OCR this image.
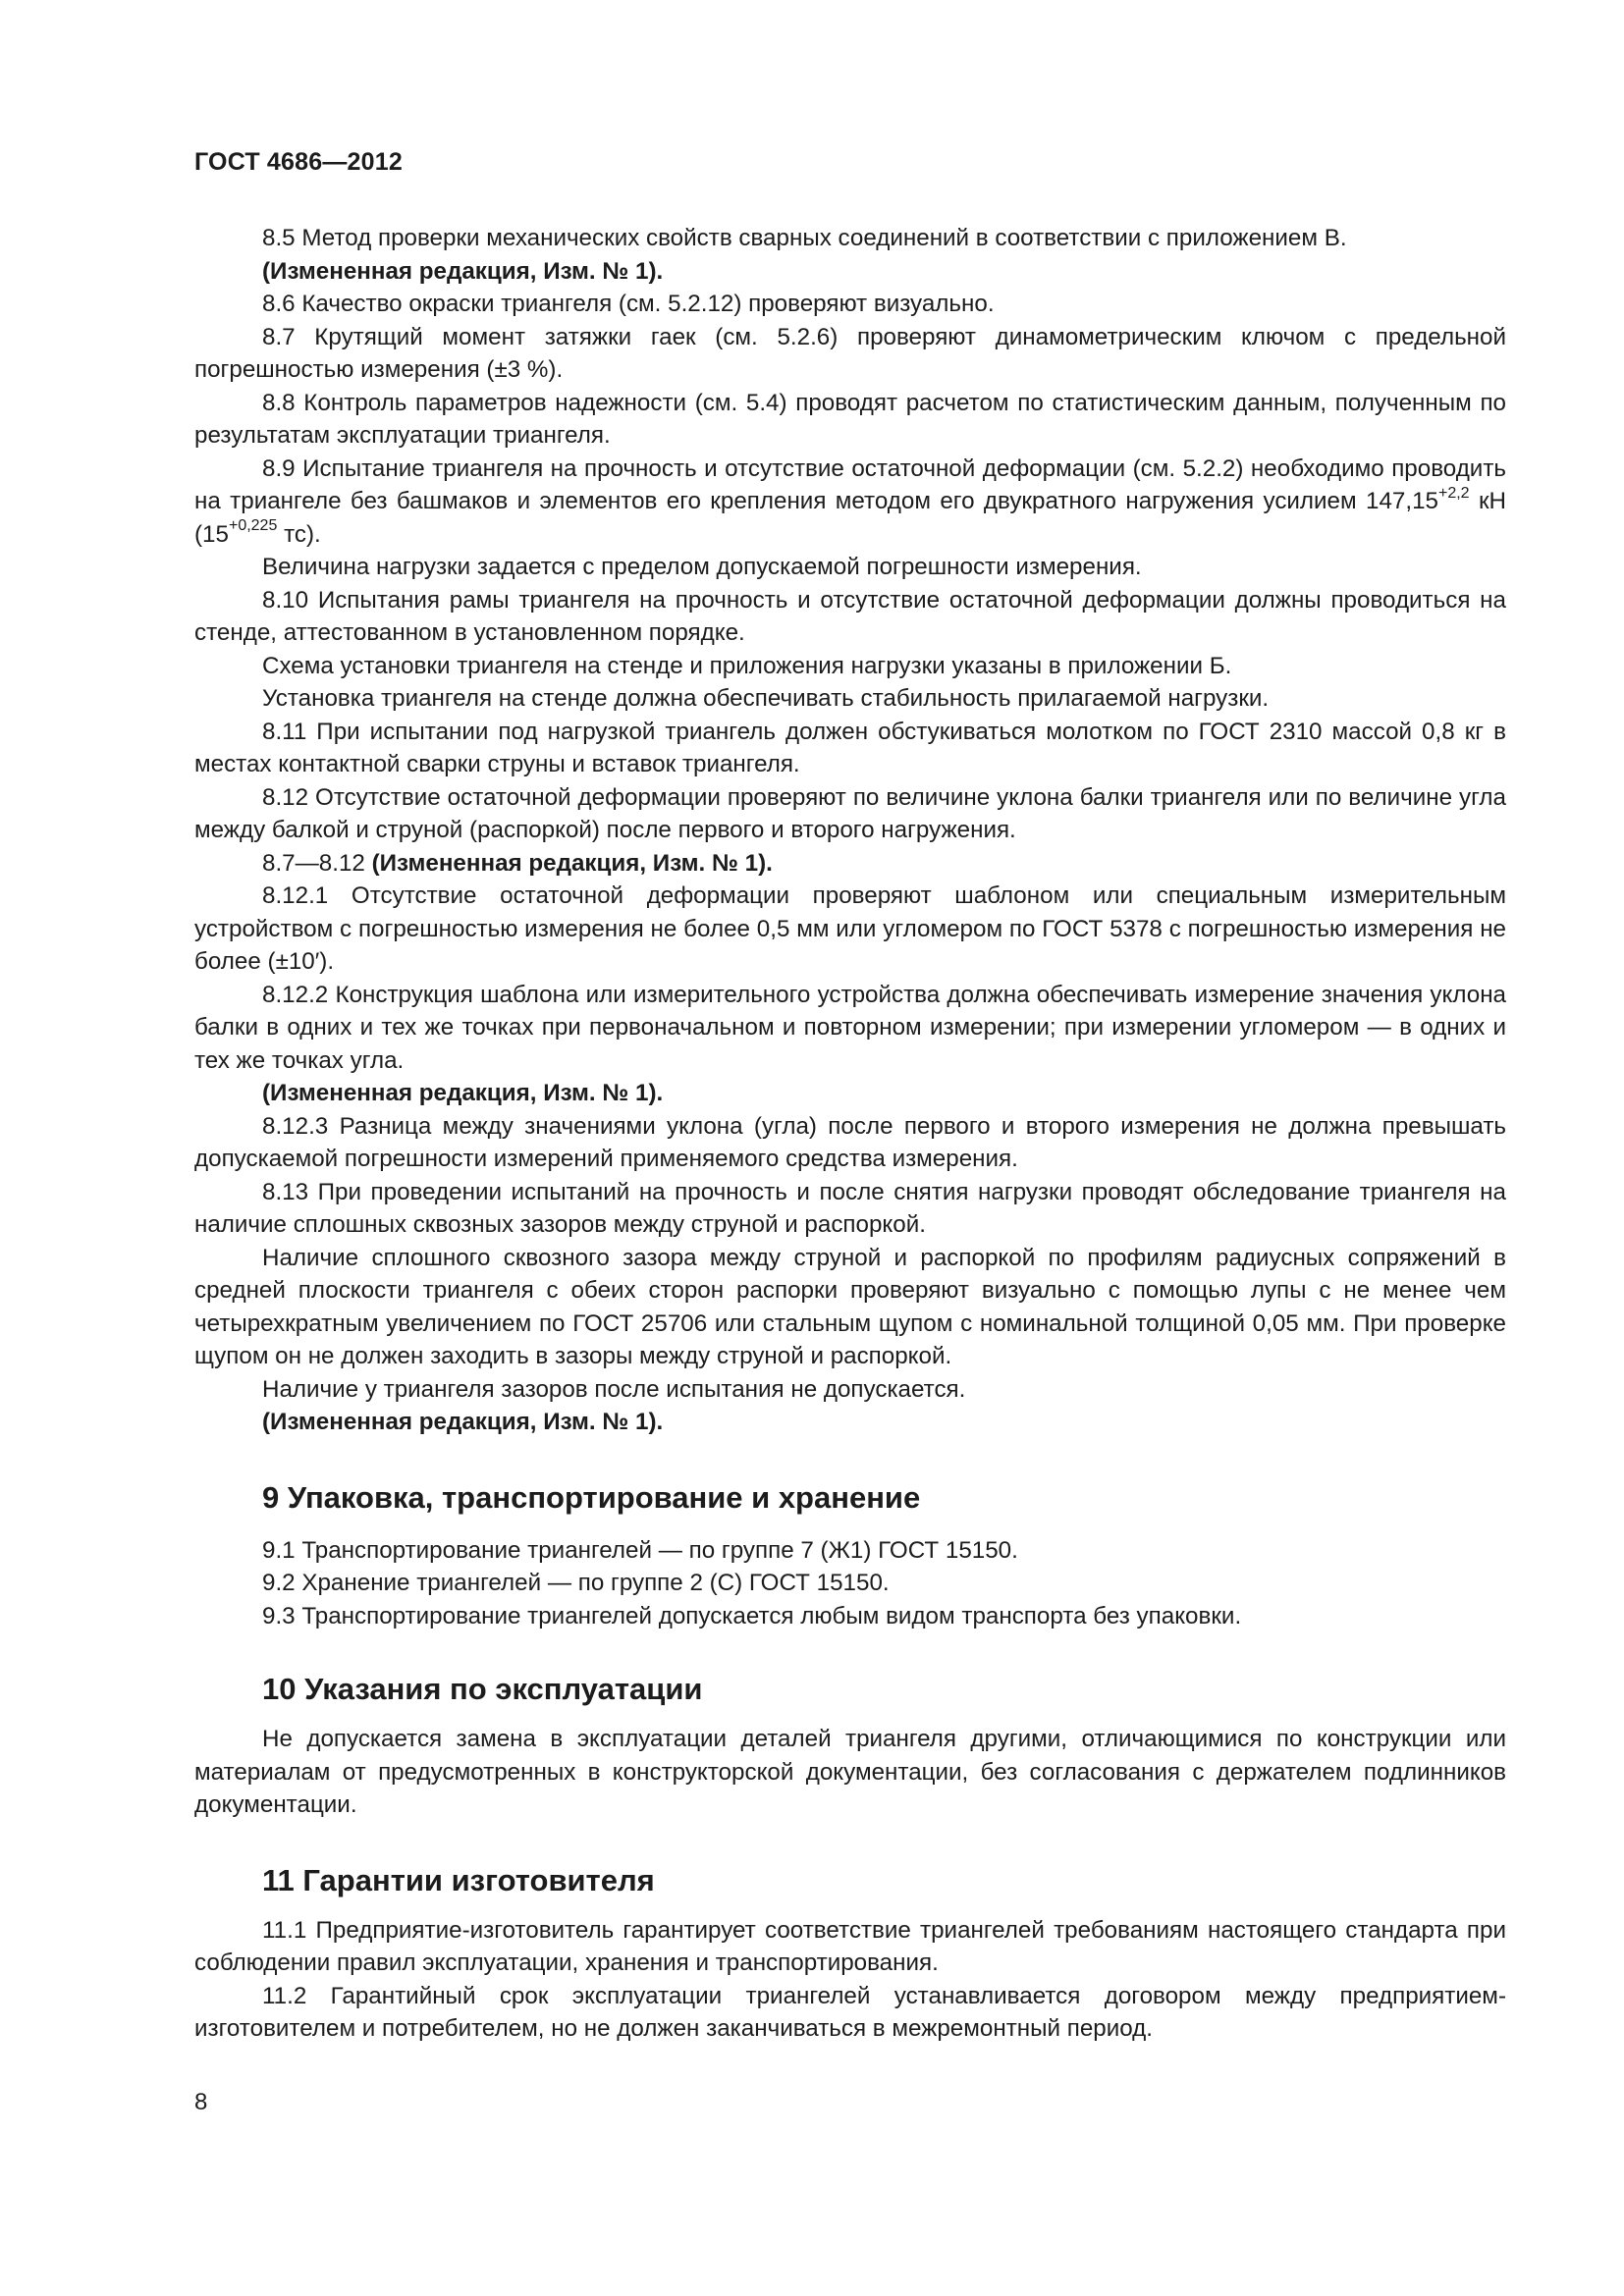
ГОСТ 4686—2012

8.5 Метод проверки механических свойств сварных соединений в соответствии с приложением В.

(Измененная редакция, Изм. № 1).

8.6 Качество окраски триангеля (см. 5.2.12) проверяют визуально.

8.7 Крутящий момент затяжки гаек (см. 5.2.6) проверяют динамометрическим ключом с предельной погрешностью измерения (±3 %).

8.8 Контроль параметров надежности (см. 5.4) проводят расчетом по статистическим данным, полученным по результатам эксплуатации триангеля.

8.9 Испытание триангеля на прочность и отсутствие остаточной деформации (см. 5.2.2) необходимо проводить на триангеле без башмаков и элементов его крепления методом его двукратного нагружения усилием $147,15^{+2,2}$ кН ($15^{+0,225}$ тс).

Величина нагрузки задается с пределом допускаемой погрешности измерения.

8.10 Испытания рамы триангеля на прочность и отсутствие остаточной деформации должны проводиться на стенде, аттестованном в установленном порядке.

Схема установки триангеля на стенде и приложения нагрузки указаны в приложении Б.

Установка триангеля на стенде должна обеспечивать стабильность прилагаемой нагрузки.

8.11 При испытании под нагрузкой триангель должен обстукиваться молотком по ГОСТ 2310 массой 0,8 кг в местах контактной сварки струны и вставок триангеля.

8.12 Отсутствие остаточной деформации проверяют по величине уклона балки триангеля или по величине угла между балкой и струной (распоркой) после первого и второго нагружения.

8.7—8.12 (Измененная редакция, Изм. № 1).

8.12.1 Отсутствие остаточной деформации проверяют шаблоном или специальным измерительным устройством с погрешностью измерения не более 0,5 мм или угломером по ГОСТ 5378 с погрешностью измерения не более (±10′).

8.12.2 Конструкция шаблона или измерительного устройства должна обеспечивать измерение значения уклона балки в одних и тех же точках при первоначальном и повторном измерении; при измерении угломером — в одних и тех же точках угла.

(Измененная редакция, Изм. № 1).

8.12.3 Разница между значениями уклона (угла) после первого и второго измерения не должна превышать допускаемой погрешности измерений применяемого средства измерения.

8.13 При проведении испытаний на прочность и после снятия нагрузки проводят обследование триангеля на наличие сплошных сквозных зазоров между струной и распоркой.

Наличие сплошного сквозного зазора между струной и распоркой по профилям радиусных сопряжений в средней плоскости триангеля с обеих сторон распорки проверяют визуально с помощью лупы с не менее чем четырехкратным увеличением по ГОСТ 25706 или стальным щупом с номинальной толщиной 0,05 мм. При проверке щупом он не должен заходить в зазоры между струной и распоркой.

Наличие у триангеля зазоров после испытания не допускается.

(Измененная редакция, Изм. № 1).

9 Упаковка, транспортирование и хранение

9.1 Транспортирование триангелей — по группе 7 (Ж1) ГОСТ 15150.

9.2 Хранение триангелей — по группе 2 (С) ГОСТ 15150.

9.3 Транспортирование триангелей допускается любым видом транспорта без упаковки.

10 Указания по эксплуатации

Не допускается замена в эксплуатации деталей триангеля другими, отличающимися по конструкции или материалам от предусмотренных в конструкторской документации, без согласования с держателем подлинников документации.

11 Гарантии изготовителя

11.1 Предприятие-изготовитель гарантирует соответствие триангелей требованиям настоящего стандарта при соблюдении правил эксплуатации, хранения и транспортирования.

11.2 Гарантийный срок эксплуатации триангелей устанавливается договором между предприятием-изготовителем и потребителем, но не должен заканчиваться в межремонтный период.

8
